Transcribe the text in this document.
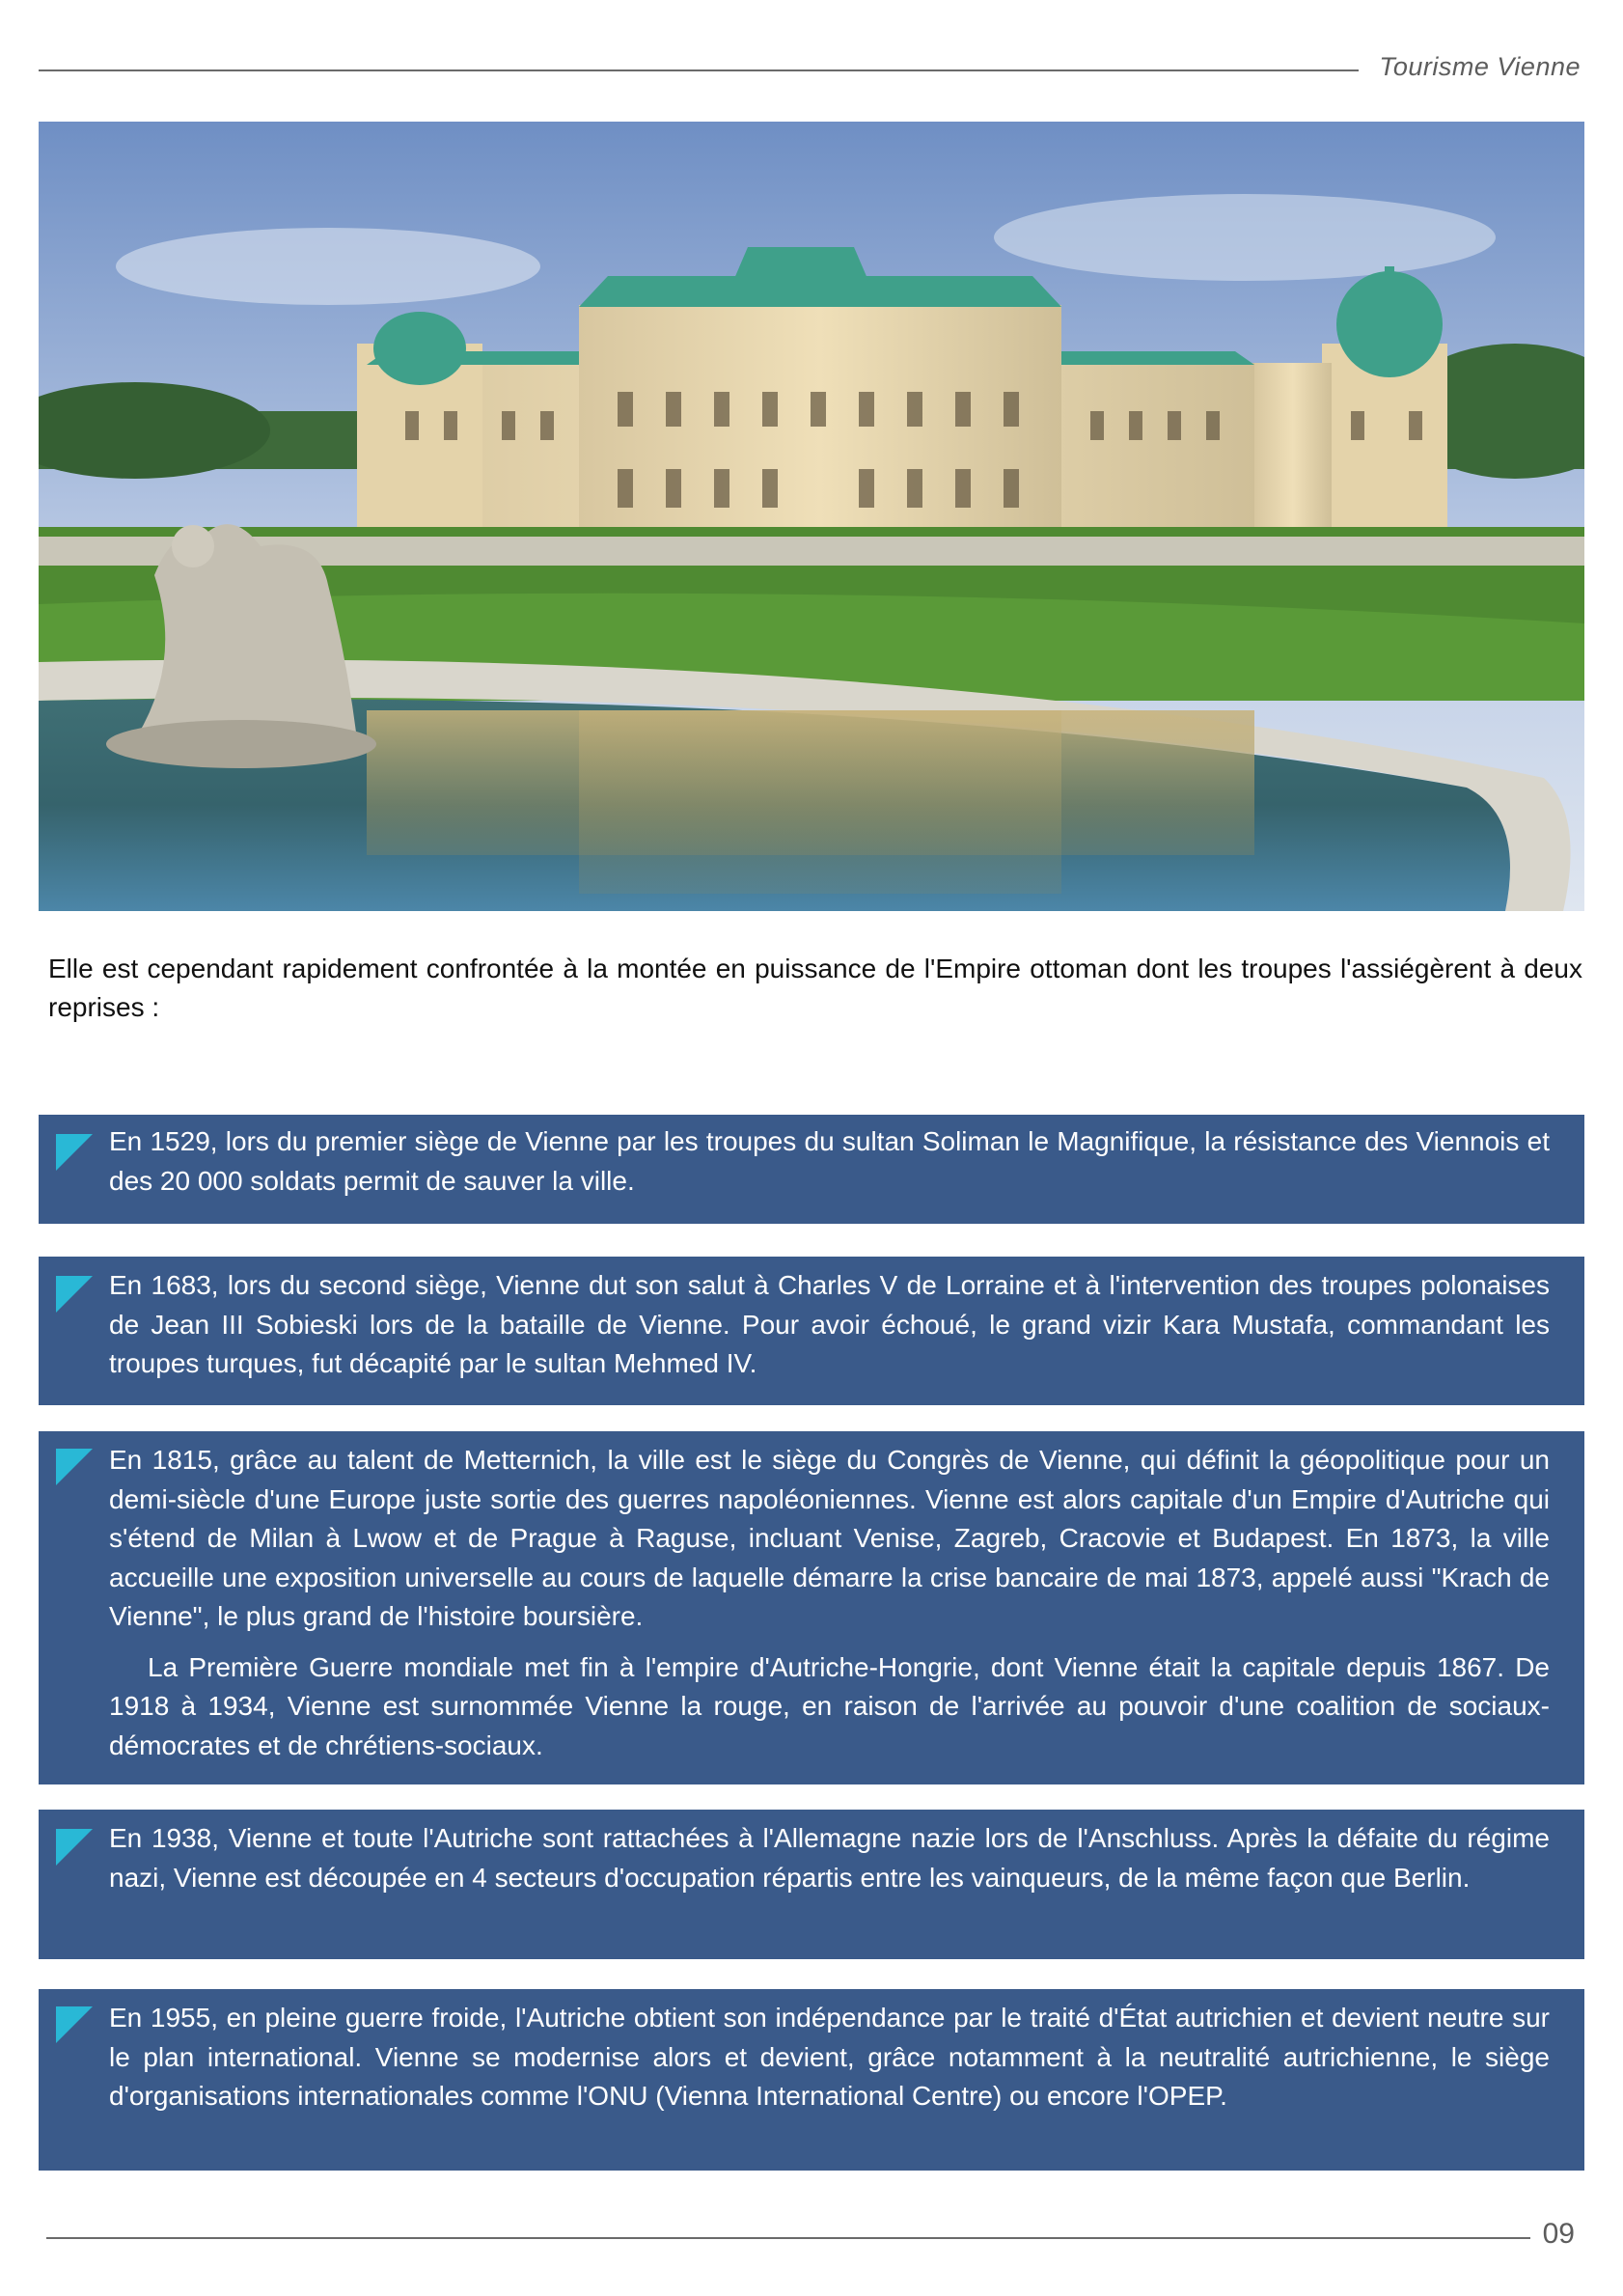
Tourisme Vienne
Elle est cependant rapidement confrontée à la montée en puissance de l'Empire ottoman dont les troupes l'assiégèrent à deux reprises :

En 1529, lors du premier siège de Vienne par les troupes du sultan Soliman le Magnifique, la résistance des Viennois et des 20 000 soldats permit de sauver la ville.

En 1683, lors du second siège, Vienne dut son salut à Charles V de Lorraine et à l'intervention des troupes polonaises de Jean III Sobieski lors de la bataille de Vienne. Pour avoir échoué, le grand vizir Kara Mustafa, commandant les troupes turques, fut décapité par le sultan Mehmed IV.

En 1815, grâce au talent de Metternich, la ville est le siège du Congrès de Vienne, qui définit la géopolitique pour un demi-siècle d'une Europe juste sortie des guerres napoléoniennes. Vienne est alors capitale d'un Empire d'Autriche qui s'étend de Milan à Lwow et de Prague à Raguse, incluant Venise, Zagreb, Cracovie et Budapest. En 1873, la ville accueille une exposition universelle au cours de laquelle démarre la crise bancaire de mai 1873, appelé aussi "Krach de Vienne", le plus grand de l'histoire boursière.

La Première Guerre mondiale met fin à l'empire d'Autriche-Hongrie, dont Vienne était la capitale depuis 1867. De 1918 à 1934, Vienne est surnommée Vienne la rouge, en raison de l'arrivée au pouvoir d'une coalition de sociaux-démocrates et de chrétiens-sociaux.

En 1938, Vienne et toute l'Autriche sont rattachées à l'Allemagne nazie lors de l'Anschluss. Après la défaite du régime nazi, Vienne est découpée en 4 secteurs d'occupation répartis entre les vainqueurs, de la même façon que Berlin.

En 1955, en pleine guerre froide, l'Autriche obtient son indépendance par le traité d'État autrichien et devient neutre sur le plan international. Vienne se modernise alors et devient, grâce notamment à la neutralité autrichienne, le siège d'organisations internationales comme l'ONU (Vienna International Centre) ou encore l'OPEP.

09
